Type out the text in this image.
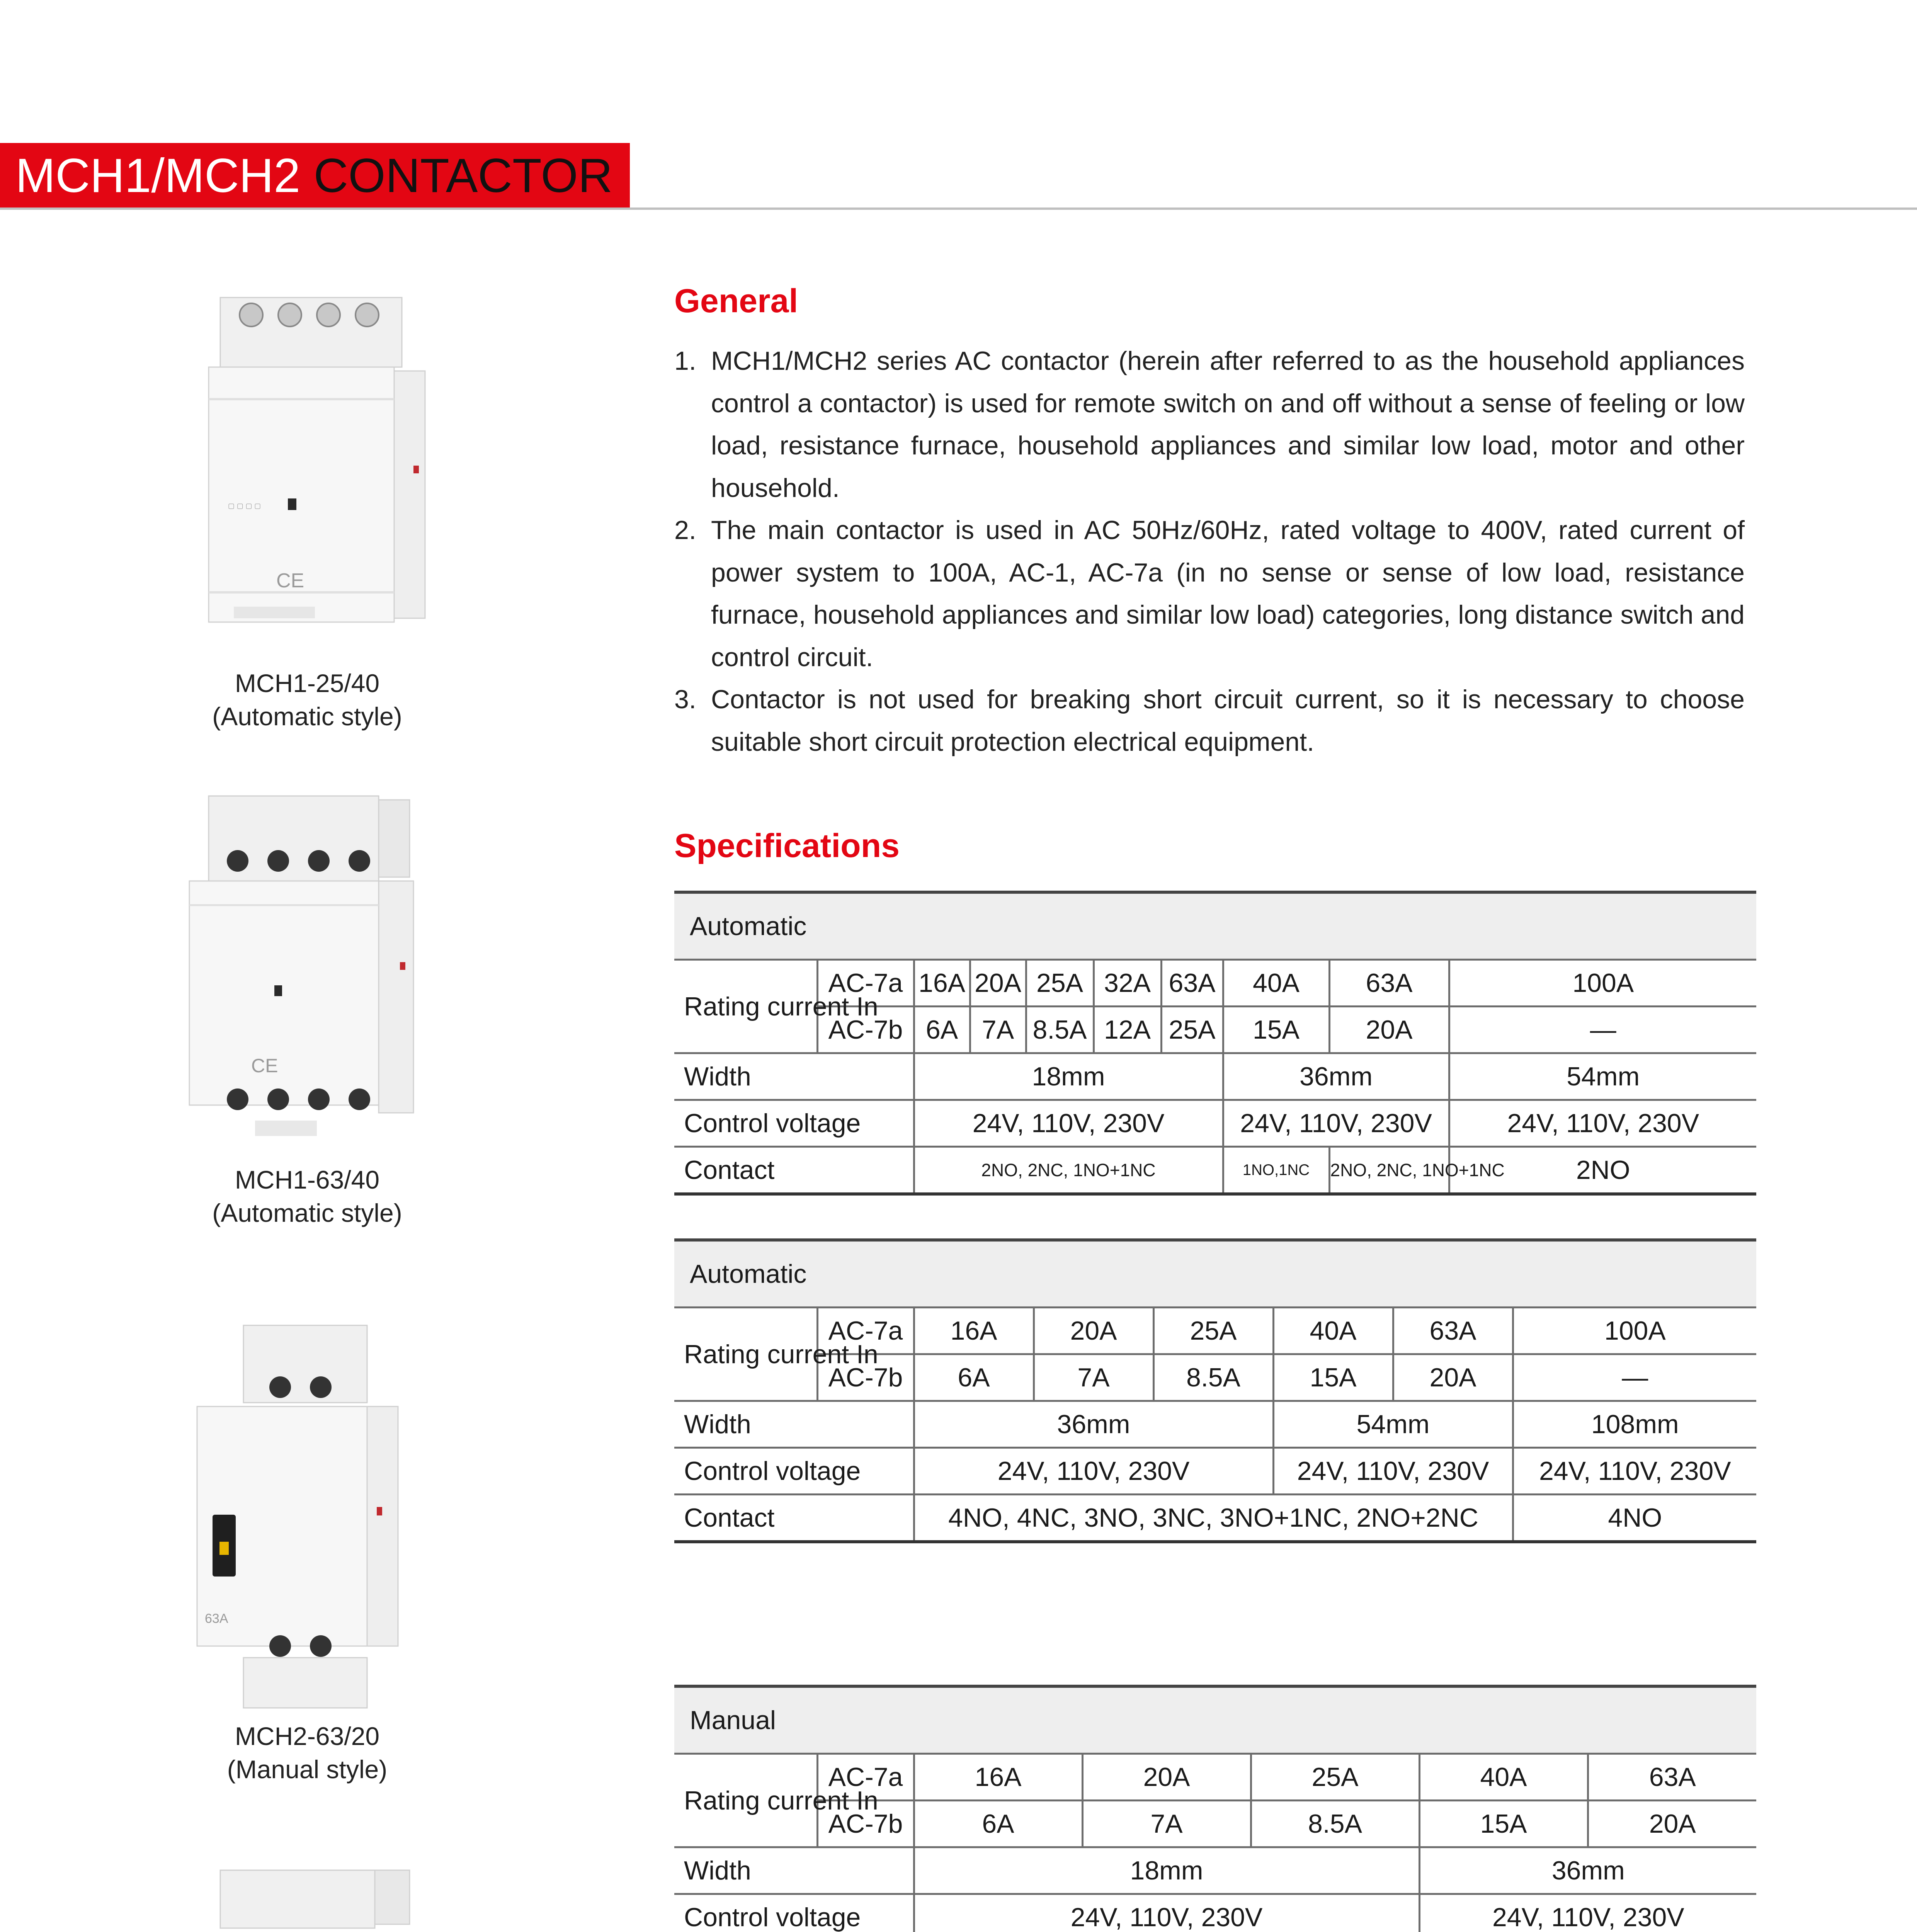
MCH1/MCH2 CONTACTOR
▢ ▢ ▢ ▢
CE
MCH1-25/40
(Automatic style)
CE
MCH1-63/40
(Automatic style)
63A
MCH2-63/20
(Manual style)
General
1. MCH1/MCH2 series AC contactor (herein after referred to as the household appliances control a contactor) is used for remote switch on and off without a sense of feeling or low load, resistance furnace, household appliances and similar low load, motor and other household.
2. The main contactor is used in AC 50Hz/60Hz, rated voltage to 400V, rated current of power system to 100A, AC-1, AC-7a (in no sense or sense of low load, resistance furnace, household appliances and similar low load) categories, long distance switch and control circuit.
3. Contactor is not used for breaking short circuit current, so it is necessary to choose suitable short circuit protection electrical equipment.
Specifications
Automatic									
Rating current In	AC-7a	16A	20A	25A	32A	63A	40A	63A	100A
	AC-7b	6A	7A	8.5A	12A	25A	15A	20A	—
Width		18mm					36mm		54mm
Control voltage		24V, 110V, 230V					24V, 110V, 230V		24V, 110V, 230V
Contact		2NO, 2NC, 1NO+1NC					1NO,1NC	2NO, 2NC, 1NO+1NC	2NO
Automatic							
Rating current In	AC-7a	16A	20A	25A	40A	63A	100A
	AC-7b	6A	7A	8.5A	15A	20A	—
Width		36mm			54mm		108mm
Control voltage		24V, 110V, 230V			24V, 110V, 230V		24V, 110V, 230V
Contact		4NO, 4NC, 3NO, 3NC, 3NO+1NC, 2NO+2NC					4NO
Manual						
Rating current In	AC-7a	16A	20A	25A	40A	63A
	AC-7b	6A	7A	8.5A	15A	20A
Width		18mm			36mm	
Control voltage		24V, 110V, 230V			24V, 110V, 230V	
